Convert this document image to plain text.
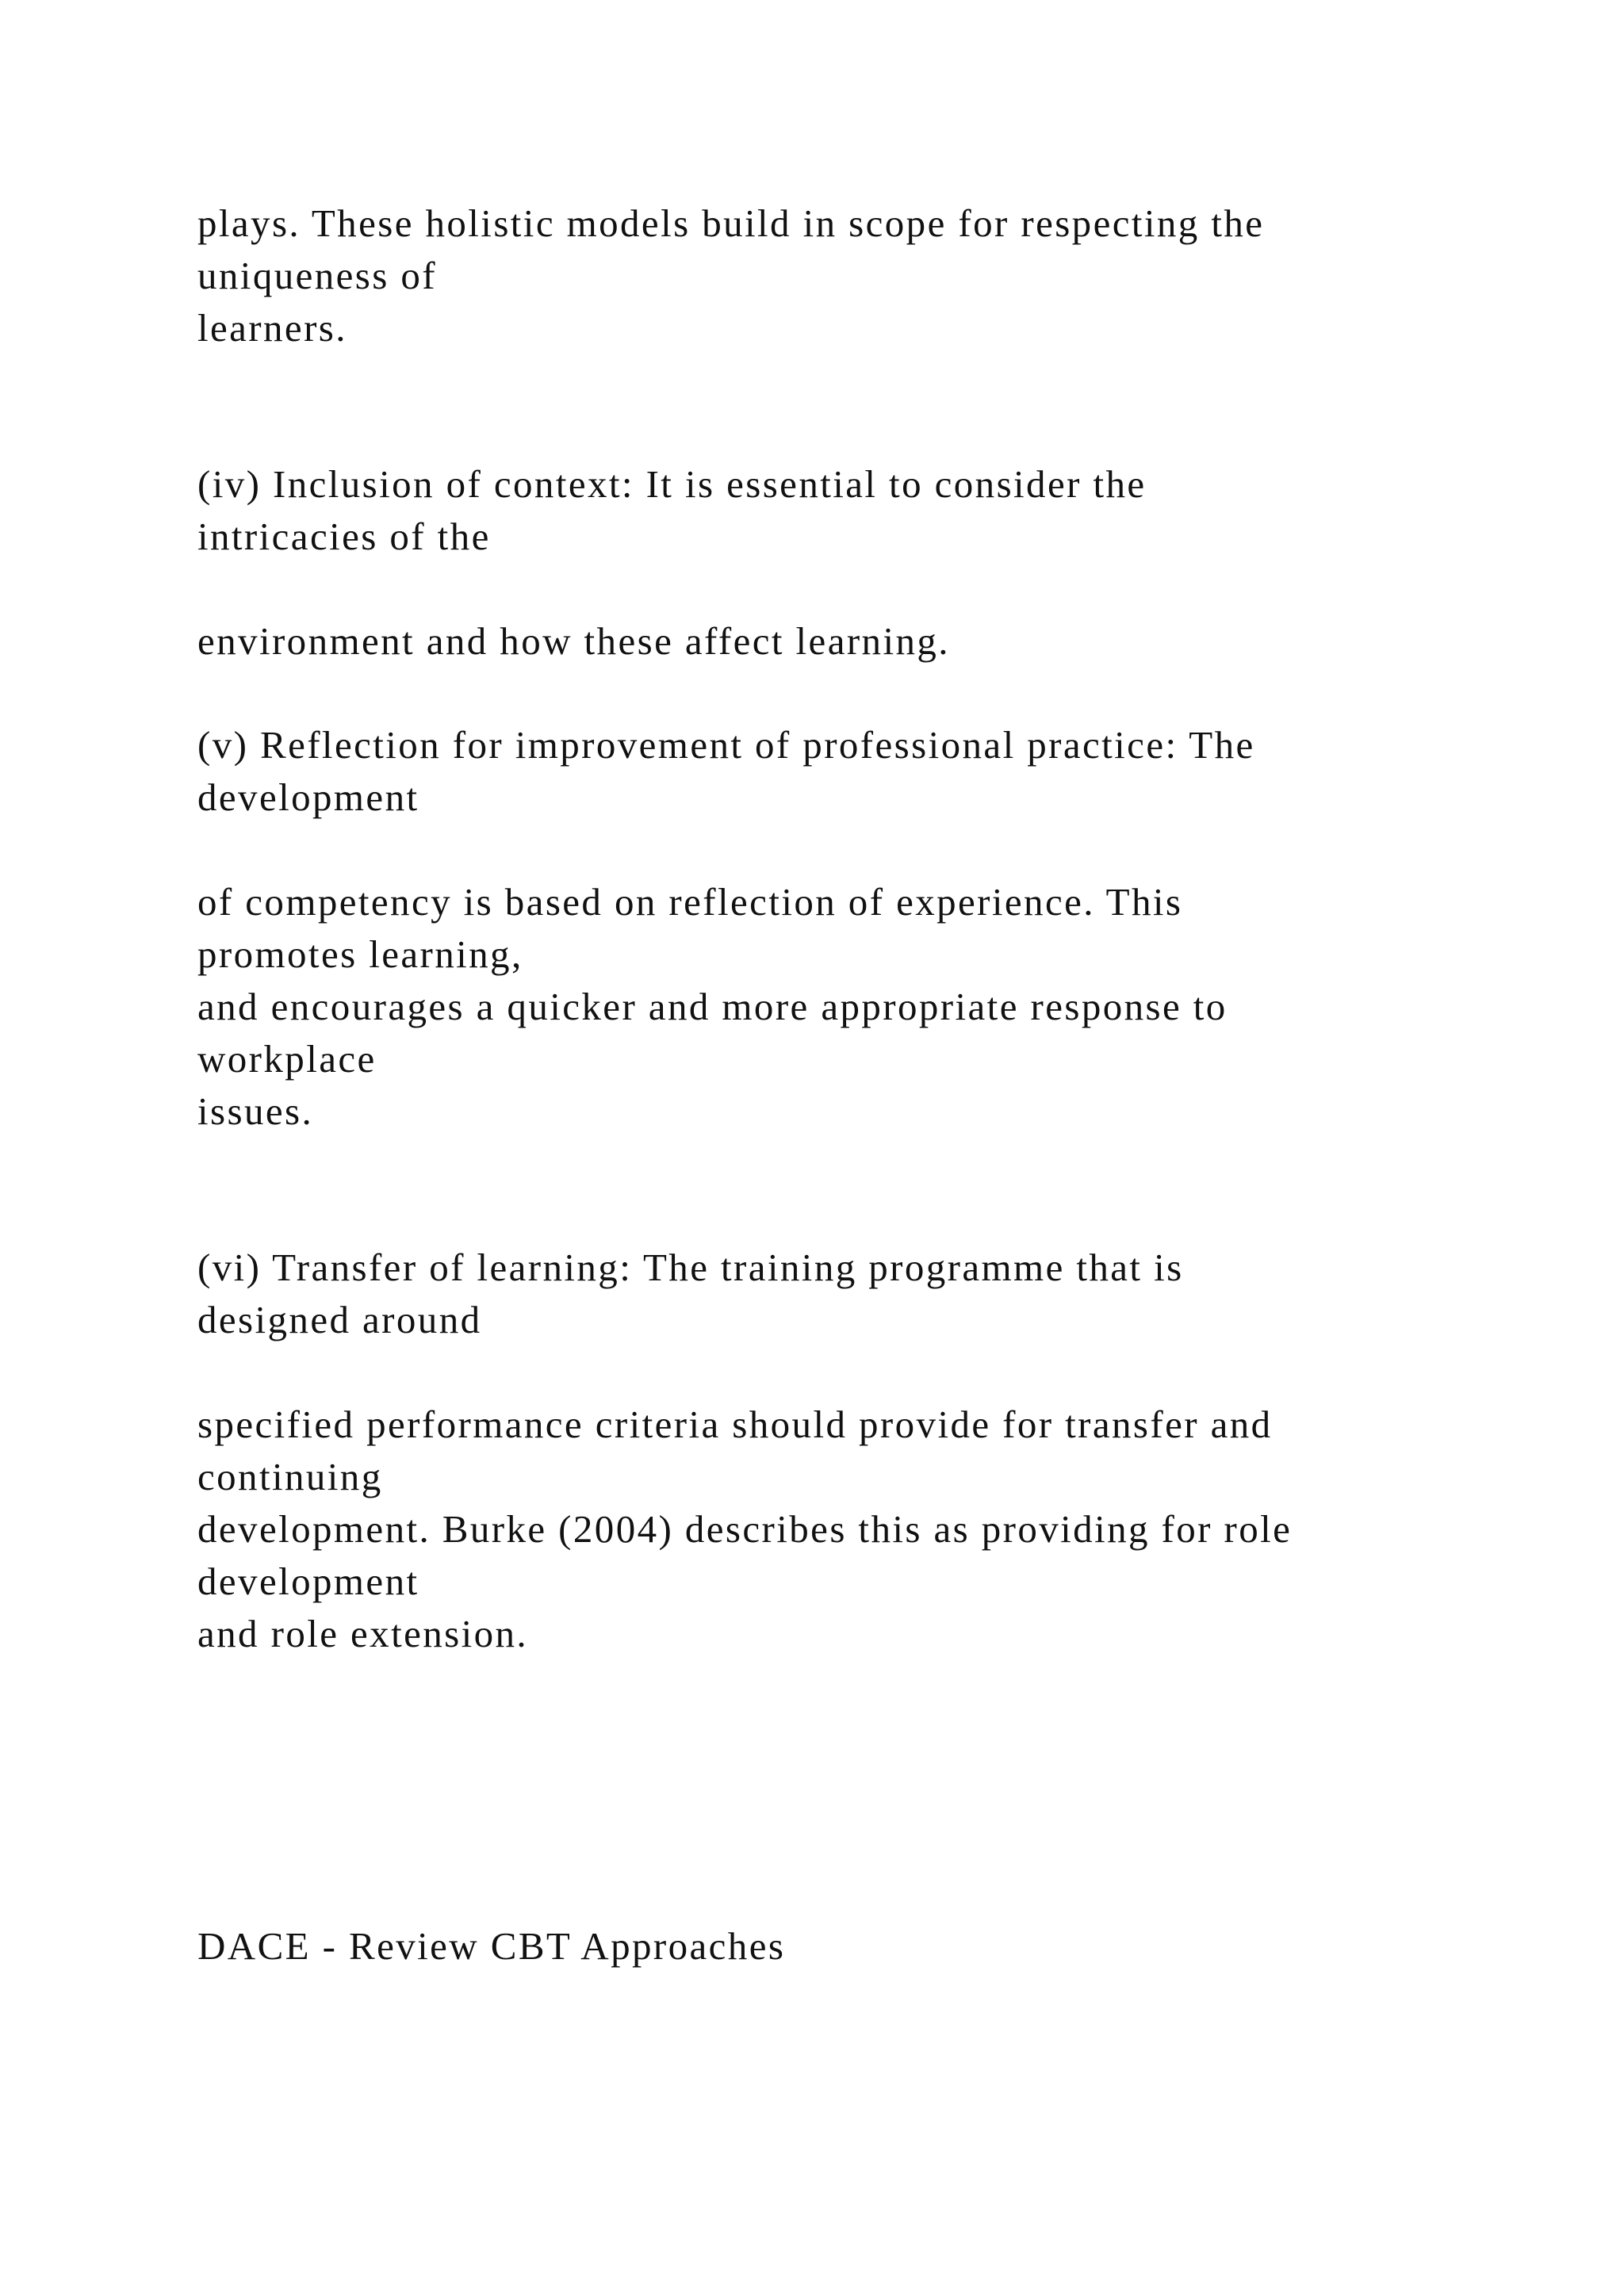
plays. These holistic models build in scope for respecting the

uniqueness of

learners.

(iv) Inclusion of context: It is essential to consider the

intricacies of the

environment and how these affect learning.

(v) Reflection for improvement of professional practice: The

development

of competency is based on reflection of experience. This

promotes learning,

and encourages a quicker and more appropriate response to

workplace

issues.

(vi) Transfer of learning: The training programme that is

designed around

specified performance criteria should provide for transfer and

continuing

development. Burke (2004) describes this as providing for role

development

and role extension.

DACE - Review CBT Approaches
